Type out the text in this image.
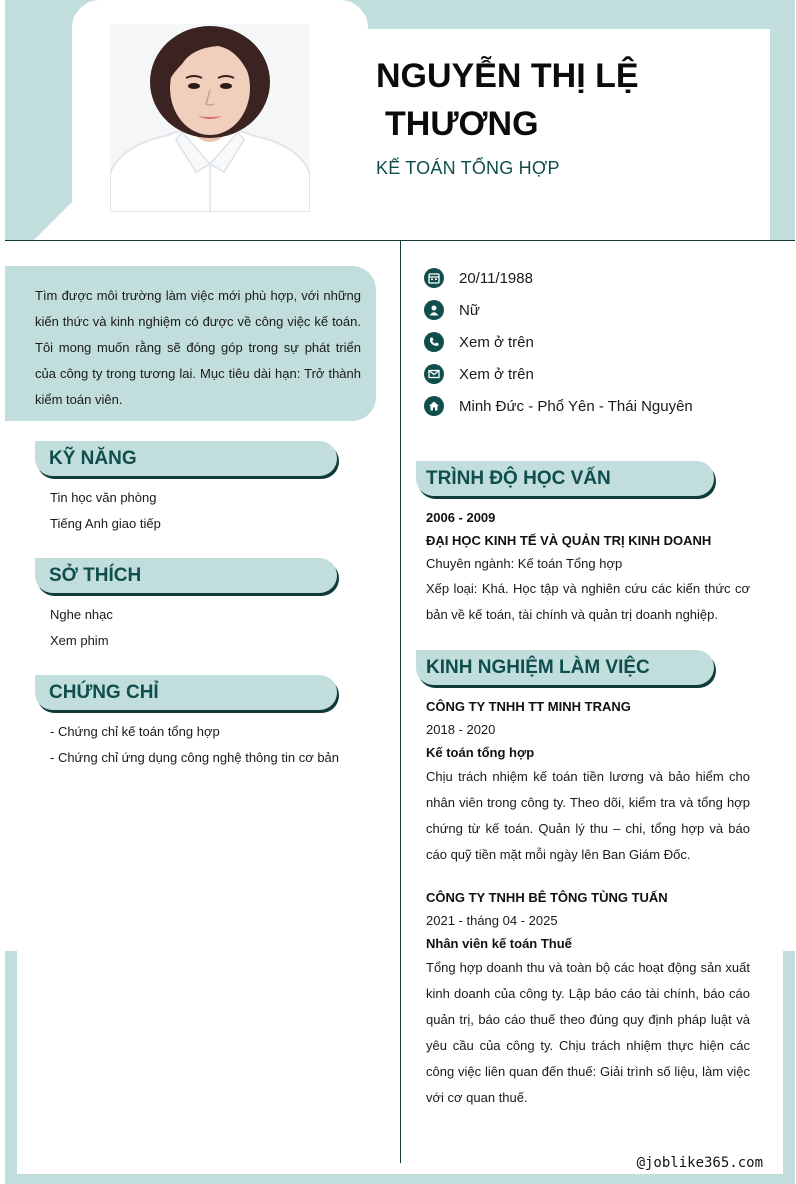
NGUYỄN THỊ LỆ
THƯƠNG
KẾ TOÁN TỔNG HỢP

Tìm được môi trường làm việc mới phù hợp, với những kiến thức và kinh nghiệm có được về công việc kế toán. Tôi mong muốn rằng sẽ đóng góp trong sự phát triển của công ty trong tương lai. Mục tiêu dài hạn: Trở thành kiểm toán viên.

KỸ NĂNG
Tin học văn phòng
Tiếng Anh giao tiếp
SỞ THÍCH
Nghe nhạc
Xem phim
CHỨNG CHỈ
- Chứng chỉ kế toán tổng hợp
- Chứng chỉ ứng dụng công nghệ thông tin cơ bản
20/11/1988
Nữ
Xem ở trên
Xem ở trên
Minh Đức - Phổ Yên - Thái Nguyên
TRÌNH ĐỘ HỌC VẤN
2006 - 2009
ĐẠI HỌC KINH TẾ VÀ QUẢN TRỊ KINH DOANH
Chuyên ngành: Kế toán Tổng hợp
Xếp loại: Khá. Học tập và nghiên cứu các kiến thức cơ bản về kế toán, tài chính và quản trị doanh nghiệp.
KINH NGHIỆM LÀM VIỆC
CÔNG TY TNHH TT MINH TRANG
2018 - 2020
Kế toán tổng hợp
Chịu trách nhiệm kế toán tiền lương và bảo hiểm cho nhân viên trong công ty. Theo dõi, kiểm tra và tổng hợp chứng từ kế toán. Quản lý thu – chi, tổng hợp và báo cáo quỹ tiền mặt mỗi ngày lên Ban Giám Đốc.
CÔNG TY TNHH BÊ TÔNG TÙNG TUẤN
2021 - tháng 04 - 2025
Nhân viên kế toán Thuế
Tổng hợp doanh thu và toàn bộ các hoạt động sản xuất kinh doanh của công ty. Lập báo cáo tài chính, báo cáo quản trị, báo cáo thuế theo đúng quy định pháp luật và yêu cầu của công ty. Chịu trách nhiệm thực hiện các công việc liên quan đến thuế: Giải trình số liệu, làm việc với cơ quan thuế.
@joblike365.com
